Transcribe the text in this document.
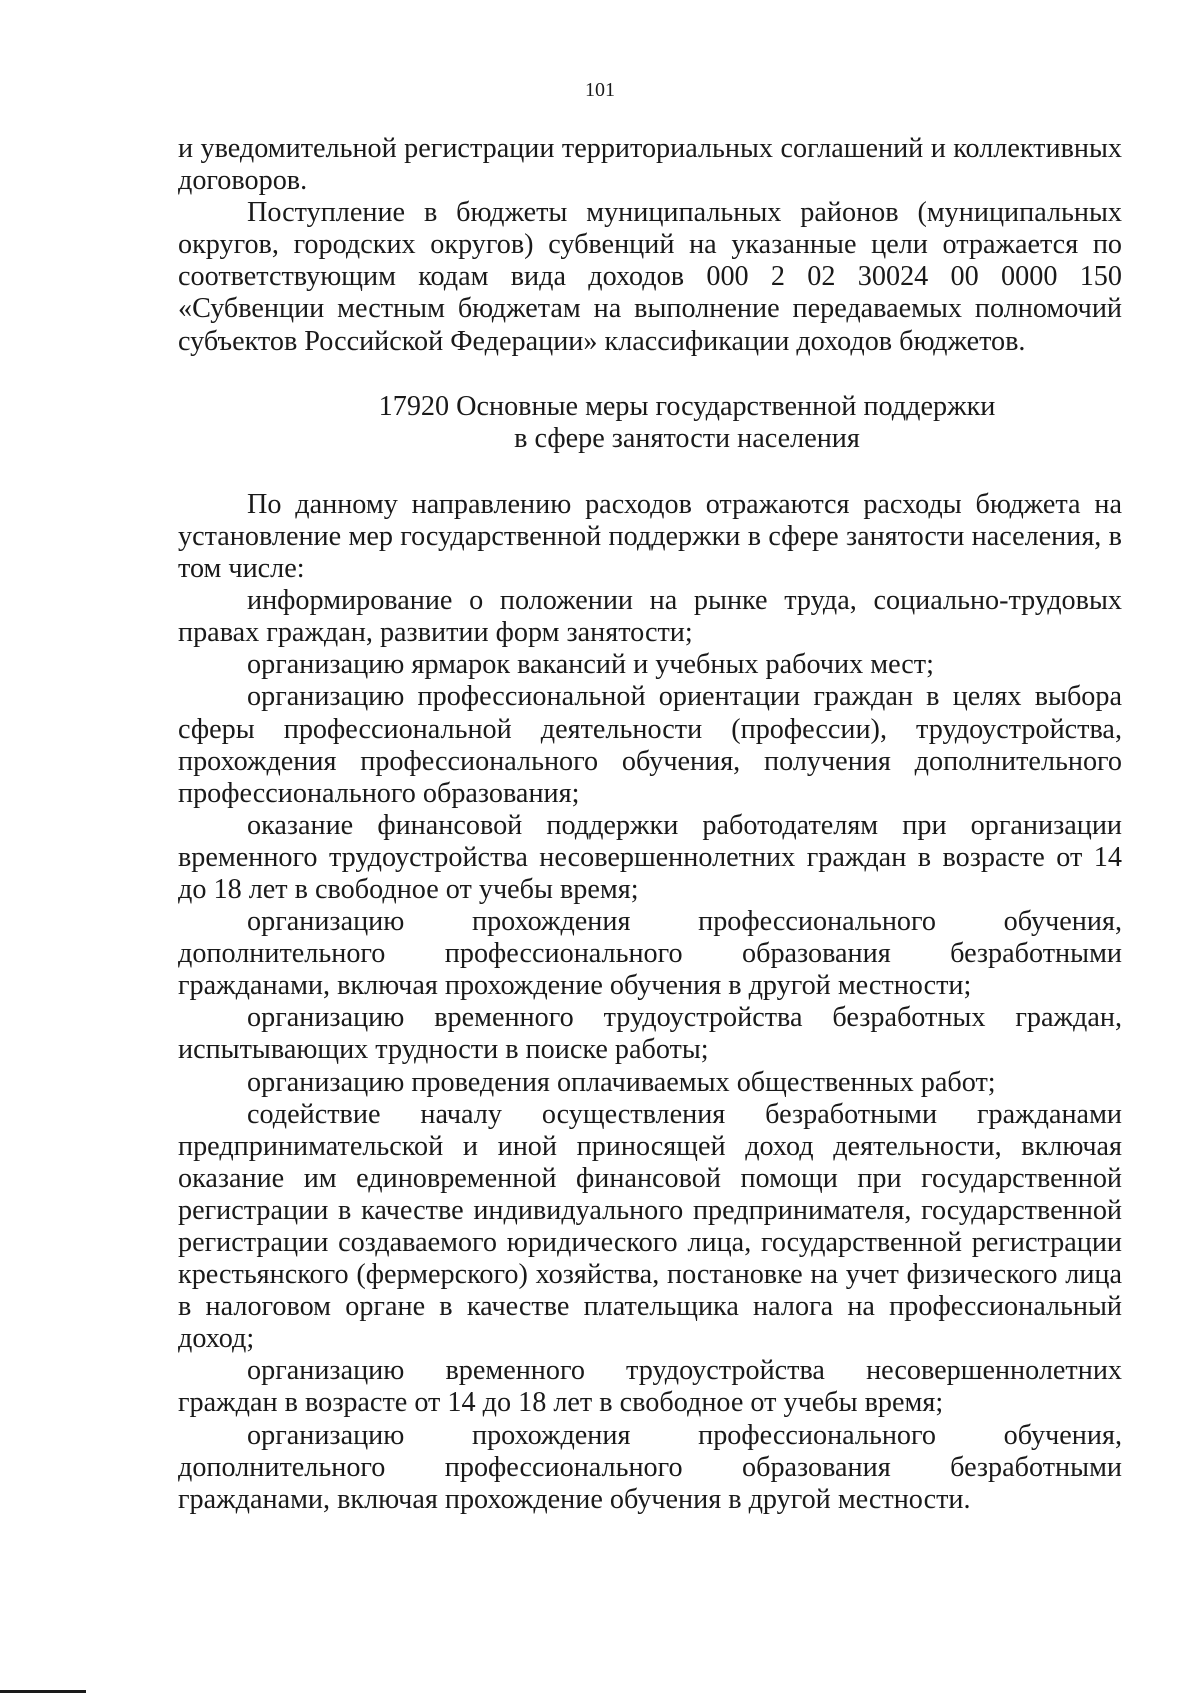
101

и уведомительной регистрации территориальных соглашений и коллективных договоров.

Поступление в бюджеты муниципальных районов (муниципальных округов, городских округов) субвенций на указанные цели отражается по соответствующим кодам вида доходов 000 2 02 30024 00 0000 150 «Субвенции местным бюджетам на выполнение передаваемых полномочий субъектов Российской Федерации» классификации доходов бюджетов.

17920 Основные меры государственной поддержки
в сфере занятости населения

По данному направлению расходов отражаются расходы бюджета на установление мер государственной поддержки в сфере занятости населения, в том числе:

информирование о положении на рынке труда, социально-трудовых правах граждан, развитии форм занятости;

организацию ярмарок вакансий и учебных рабочих мест;

организацию профессиональной ориентации граждан в целях выбора сферы профессиональной деятельности (профессии), трудоустройства, прохождения профессионального обучения, получения дополнительного профессионального образования;

оказание финансовой поддержки работодателям при организации временного трудоустройства несовершеннолетних граждан в возрасте от 14 до 18 лет в свободное от учебы время;

организацию прохождения профессионального обучения, дополнительного профессионального образования безработными гражданами, включая прохождение обучения в другой местности;

организацию временного трудоустройства безработных граждан, испытывающих трудности в поиске работы;

организацию проведения оплачиваемых общественных работ;

содействие началу осуществления безработными гражданами предпринимательской и иной приносящей доход деятельности, включая оказание им единовременной финансовой помощи при государственной регистрации в качестве индивидуального предпринимателя, государственной регистрации создаваемого юридического лица, государственной регистрации крестьянского (фермерского) хозяйства, постановке на учет физического лица в налоговом органе в качестве плательщика налога на профессиональный доход;

организацию временного трудоустройства несовершеннолетних граждан в возрасте от 14 до 18 лет в свободное от учебы время;

организацию прохождения профессионального обучения, дополнительного профессионального образования безработными гражданами, включая прохождение обучения в другой местности.
